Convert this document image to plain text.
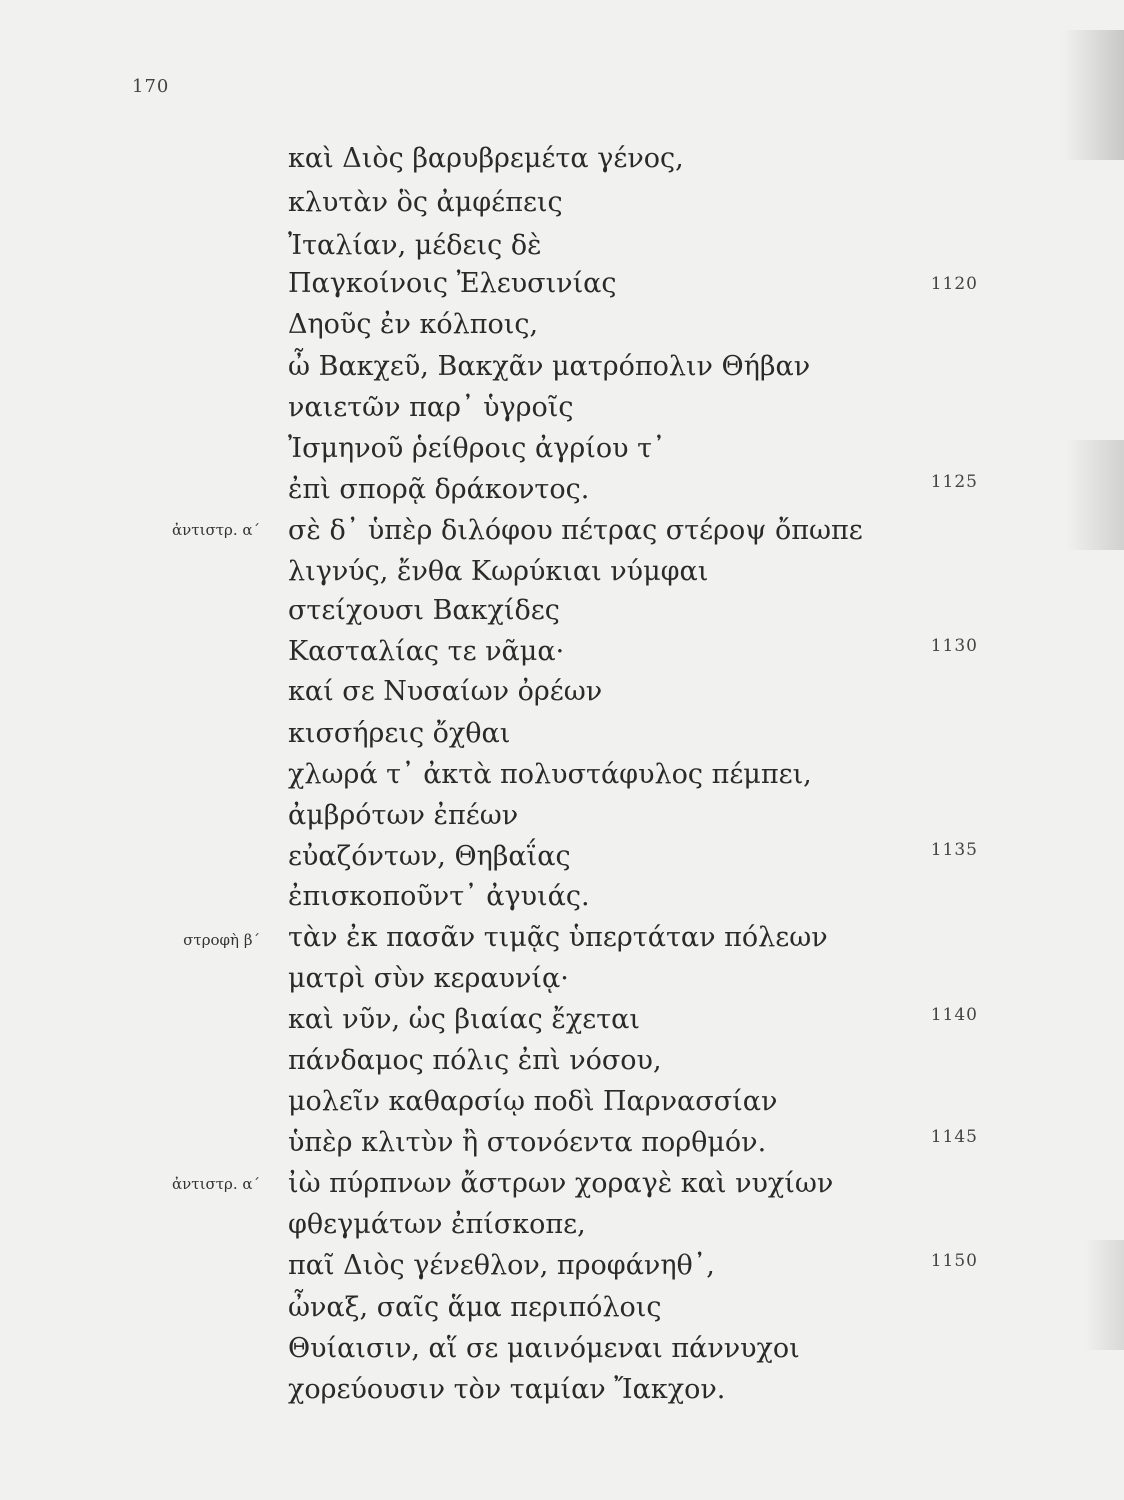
170
καὶ Διὸς βαρυβρεμέτα γένος,
κλυτὰν ὃς ἀμφέπεις
Ἰταλίαν, μέδεις δὲ
Παγκοίνοις Ἐλευσινίας
Δηοῦς ἐν κόλποις,
ὦ Βακχεῦ, Βακχᾶν ματρόπολιν Θήβαν
ναιετῶν παρ᾽ ὑγροῖς
Ἰσμηνοῦ ῥείθροις ἀγρίου τ᾽
ἐπὶ σπορᾷ δράκοντος.
σὲ δ᾽ ὑπὲρ διλόφου πέτρας στέροψ ὄπωπε
λιγνύς, ἔνθα Κωρύκιαι νύμφαι
στείχουσι Βακχίδες
Κασταλίας τε νᾶμα·
καί σε Νυσαίων ὀρέων
κισσήρεις ὄχθαι
χλωρά τ᾽ ἀκτὰ πολυστάφυλος πέμπει,
ἀμβρότων ἐπέων
εὐαζόντων, Θηβαΐας
ἐπισκοποῦντ᾽ ἀγυιάς.
τὰν ἐκ πασᾶν τιμᾷς ὑπερτάταν πόλεων
ματρὶ σὺν κεραυνίᾳ·
καὶ νῦν, ὡς βιαίας ἔχεται
πάνδαμος πόλις ἐπὶ νόσου,
μολεῖν καθαρσίῳ ποδὶ Παρνασσίαν
ὑπὲρ κλιτὺν ἢ στονόεντα πορθμόν.
ἰὼ πύρπνων ἄστρων χοραγὲ καὶ νυχίων
φθεγμάτων ἐπίσκοπε,
παῖ Διὸς γένεθλον, προφάνηθ᾽,
ὦναξ, σαῖς ἅμα περιπόλοις
Θυίαισιν, αἵ σε μαινόμεναι πάννυχοι
χορεύουσιν τὸν ταμίαν Ἴακχον.
1120
1125
1130
1135
1140
1145
1150
ἀντιστρ. α΄
στροφὴ β΄
ἀντιστρ. α΄
